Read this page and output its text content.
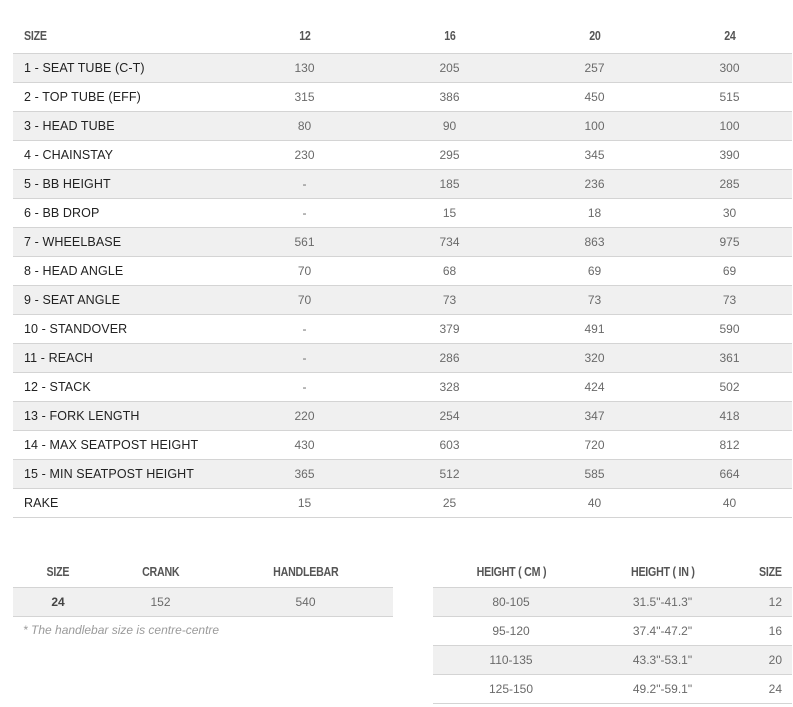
SIZE	12	16	20	24
1 - SEAT TUBE (C-T)	130	205	257	300
2 - TOP TUBE (EFF)	315	386	450	515
3 - HEAD TUBE	80	90	100	100
4 - CHAINSTAY	230	295	345	390
5 - BB HEIGHT	-	185	236	285
6 - BB DROP	-	15	18	30
7 - WHEELBASE	561	734	863	975
8 - HEAD ANGLE	70	68	69	69
9 - SEAT ANGLE	70	73	73	73
10 - STANDOVER	-	379	491	590
11 - REACH	-	286	320	361
12 - STACK	-	328	424	502
13 - FORK LENGTH	220	254	347	418
14 - MAX SEATPOST HEIGHT	430	603	720	812
15 - MIN SEATPOST HEIGHT	365	512	585	664
RAKE	15	25	40	40
SIZE	CRANK	HANDLEBAR
24	152	540
* The handlebar size is centre-centre
HEIGHT ( CM )	HEIGHT ( IN )	SIZE
80-105	31.5"-41.3"	12
95-120	37.4"-47.2"	16
110-135	43.3"-53.1"	20
125-150	49.2"-59.1"	24
